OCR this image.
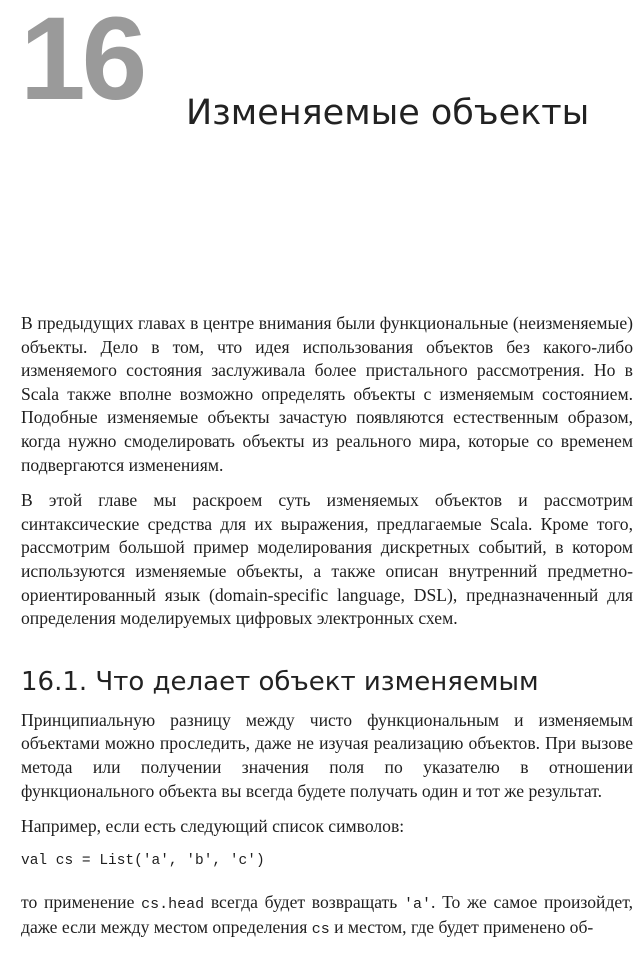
16 Изменяемые объекты

В предыдущих главах в центре внимания были функциональные (неизменяемые) объекты. Дело в том, что идея использования объектов без какого-либо изменяемого состояния заслуживала более пристального рассмотрения. Но в Scala также вполне возможно определять объекты с изменяемым состоянием. Подобные изменяемые объекты зачастую появляются естественным образом, когда нужно смоделировать объекты из реального мира, которые со временем подвергаются изменениям.

В этой главе мы раскроем суть изменяемых объектов и рассмотрим синтаксические средства для их выражения, предлагаемые Scala. Кроме того, рассмотрим большой пример моделирования дискретных событий, в котором используются изменяемые объекты, а также описан внутренний предметно-ориентированный язык (domain-specific language, DSL), предназначенный для определения моделируемых цифровых электронных схем.

16.1. Что делает объект изменяемым

Принципиальную разницу между чисто функциональным и изменяемым объектами можно проследить, даже не изучая реализацию объектов. При вызове метода или получении значения поля по указателю в отношении функционального объекта вы всегда будете получать один и тот же результат.

Например, если есть следующий список символов:

val cs = List('a', 'b', 'c')

то применение cs.head всегда будет возвращать 'a'. То же самое произойдет, даже если между местом определения cs и местом, где будет применено об-
